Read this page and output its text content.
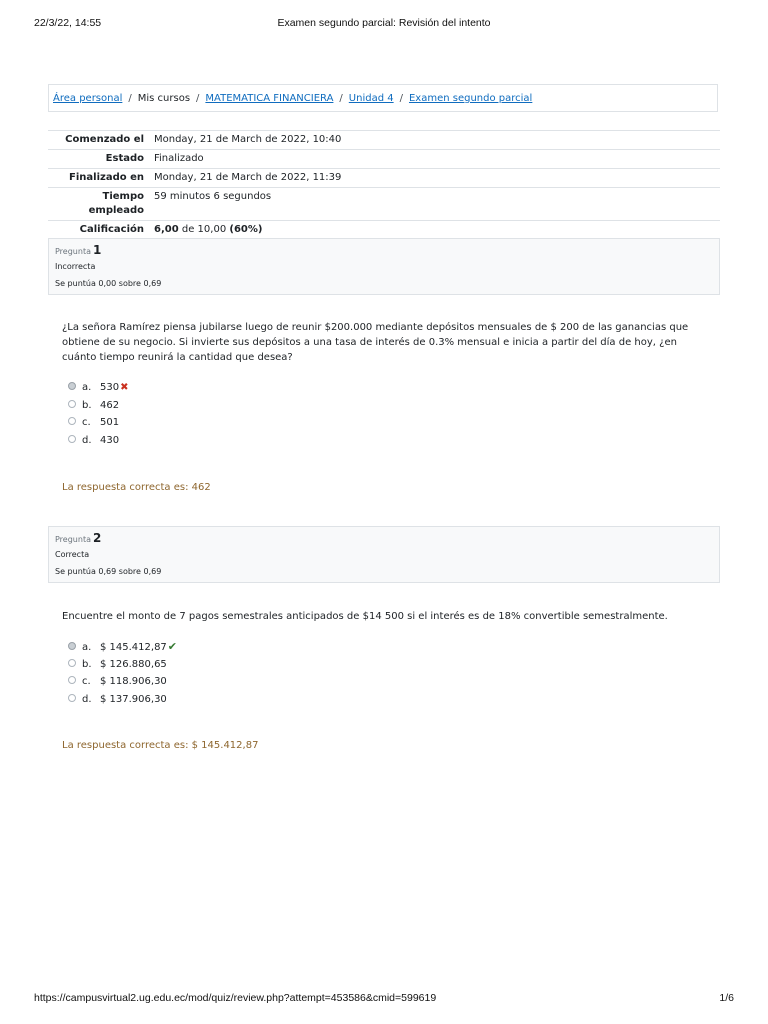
22/3/22, 14:55	Examen segundo parcial: Revisión del intento
Área personal / Mis cursos / MATEMATICA FINANCIERA / Unidad 4 / Examen segundo parcial
Comenzado el	Monday, 21 de March de 2022, 10:40
Estado	Finalizado
Finalizado en	Monday, 21 de March de 2022, 11:39
Tiempo
empleado	59 minutos 6 segundos
Calificación	6,00 de 10,00 (60%)
Pregunta 1
Incorrecta
Se puntúa 0,00 sobre 0,69
¿La señora Ramírez piensa jubilarse luego de reunir $200.000 mediante depósitos mensuales de $ 200 de las ganancias que obtiene de su negocio. Si invierte sus depósitos a una tasa de interés de 0.3% mensual e inicia a partir del día de hoy, ¿en cuánto tiempo reunirá la cantidad que desea?
a. 530✖
b. 462
c. 501
d. 430
La respuesta correcta es: 462
Pregunta 2
Correcta
Se puntúa 0,69 sobre 0,69
Encuentre el monto de 7 pagos semestrales anticipados de $14 500 si el interés es de 18% convertible semestralmente.
a. $ 145.412,87✔
b. $ 126.880,65
c. $ 118.906,30
d. $ 137.906,30
La respuesta correcta es: $ 145.412,87
https://campusvirtual2.ug.edu.ec/mod/quiz/review.php?attempt=453586&cmid=599619	1/6
